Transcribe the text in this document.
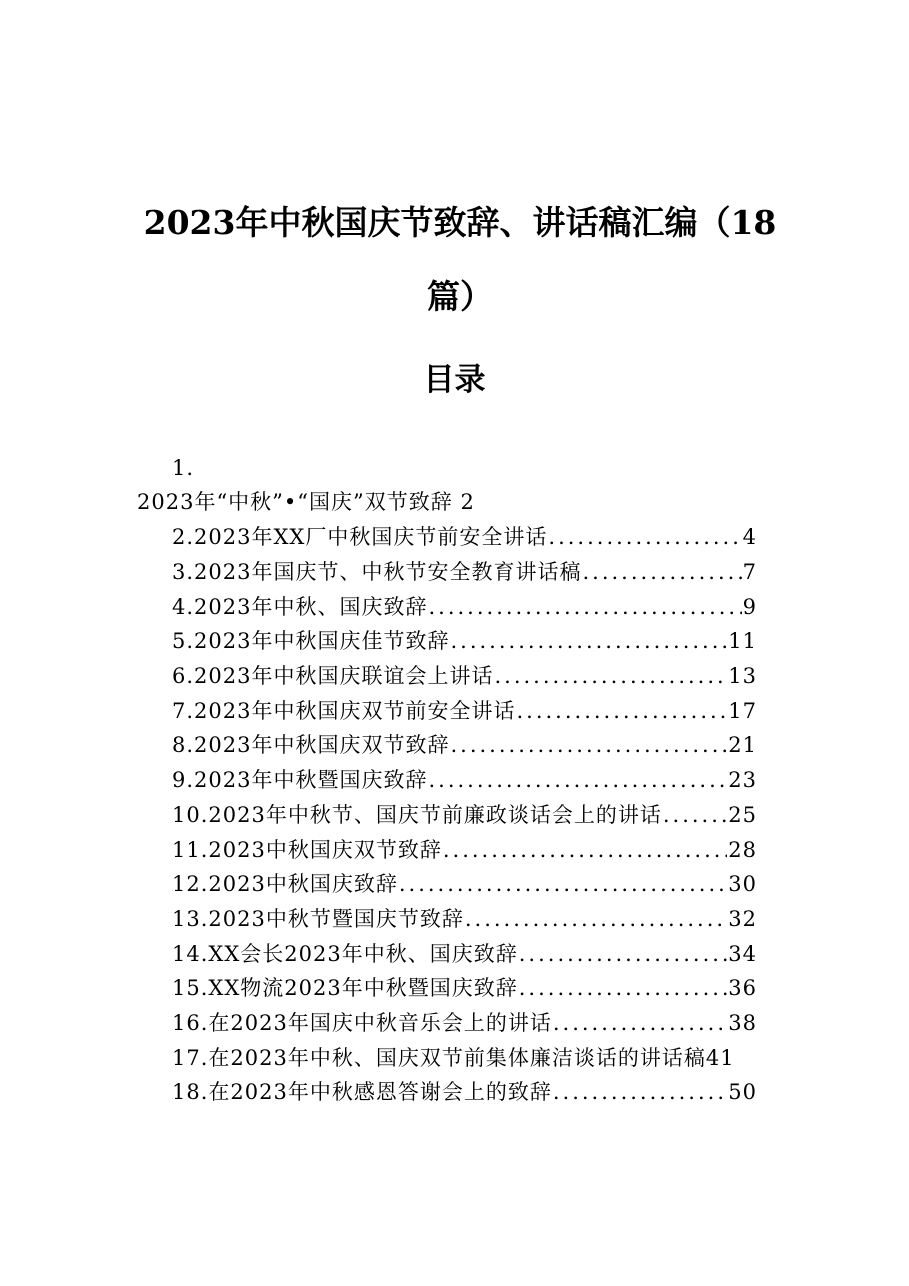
2023年中秋国庆节致辞、讲话稿汇编（18篇）
目录
1.
2023年“中秋”•“国庆”双节致辞 2
2.2023年XX厂中秋国庆节前安全讲话 .....	4
3.2023年国庆节、中秋节安全教育讲话稿 .....	7
4.2023年中秋、国庆致辞 .....	9
5.2023年中秋国庆佳节致辞 .....	11
6.2023年中秋国庆联谊会上讲话 .....	13
7.2023年中秋国庆双节前安全讲话 .....	17
8.2023年中秋国庆双节致辞 .....	21
9.2023年中秋暨国庆致辞 .....	23
10.2023年中秋节、国庆节前廉政谈话会上的讲话 .....	25
11.2023中秋国庆双节致辞 .....	28
12.2023中秋国庆致辞 .....	30
13.2023中秋节暨国庆节致辞 .....	32
14.XX会长2023年中秋、国庆致辞 .....	34
15.XX物流2023年中秋暨国庆致辞 .....	36
16.在2023年国庆中秋音乐会上的讲话 .....	38
17.在2023年中秋、国庆双节前集体廉洁谈话的讲话稿 41
18.在2023年中秋感恩答谢会上的致辞 .....	50
